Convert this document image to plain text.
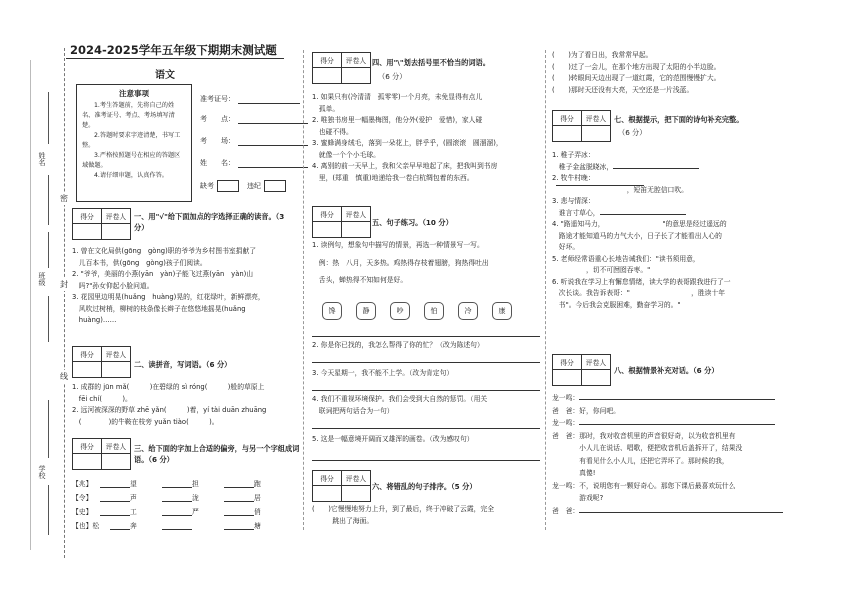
2024-2025学年五年级下期期末测试题
语文
密
封
线
姓名
班级
学校
注意事项
1.考生答题前，先将自己的姓名、准考证号、考点、考场填写清楚。
2.答题时要求字迹清楚，书写工整。
3.严格按照题号在相应的答题区域做题。
4.请仔细审题，认真作答。
准考证号：
考　　点：
考　　场：
姓　　名：
缺考	违纪
得分	评卷人
	一、用"√"给下面加点的字选择正确的读音。（3 分）
1. 曾在文化局供(gōng　gòng)职的爷爷为乡村图书室捐献了
　儿百本书，供(gōng　gòng)孩子们阅读。
2. "爷爷，美丽的小燕(yān　yàn)子能飞过燕(yān　yàn)山
　吗?"孙女仰起小脸问道。
3. 花园里边明晃(huǎng　huàng)晃的，红花绿叶，新鲜漂亮，
　风吹过树梢，柳树的枝条像长辫子在悠悠地摇晃(huǎng
　huàng)……
得分	评卷人

二、读拼音，写词语。（6 分）
1. 成群的 jūn mǎ(　　　)在碧绿的 sì róng(　　　)般的草原上
　fēi chí(　　　)。
2. 远河被深深的野草 zhē yǎn(　　　)着，yí tài duān zhuāng
　(　　　　)的牛鞍在枝旁 yuǎn tiào(　　　)。
得分	评卷人
	三、给下面的字加上合适的偏旁，与另一个字组成词语。（6 分）
【兆】	望	担	跑
【令】	声	泷	居
【史】	工	严	俏
【也】松	奔	塘
得分	评卷人
	四、用"\"划去括号里不恰当的词语。
（6 分）
1. 如果只有(冷清清　孤零零)一个月亮，未免显得有点儿
　孤单。
2. 唯独书房里一幅墨梅图，他分外(爱护　爱惜)，家人碰
　也碰不得。
3. 蜜蜂满身绒毛，落到一朵花上，胖乎乎，(圆滚滚　圆溜溜)，
　就像一个个小毛球。
4. 离别的前一天早上，我和父亲早早地起了床，把我叫到书房
　里，(郑重　慎重)地递给我一卷白杭绸包着的东西。
得分	评卷人

五、句子练习。（10 分）
1. 读例句，想象句中描写的情景，再选一种情景写一写。
　例：热　八月，天多热。鸡热得存枝着翅膀，狗热得吐出
　舌头，蝉热得不知如何是好。
馋	静	吵	怕	冷	康
2. 你是你已找的，我怎么帮得了你的忙？（改为陈述句）
3. 今天星期一，我不能不上学。（改为肯定句）
4. 我们不重视环境保护。我们会受到大自然的惩罚。（用关
　联词把两句话合为一句）
5. 这是一幅意境开阔而又雄浑的画卷。（改为感叹句）
得分	评卷人

六、将错乱的句子排序。（5 分）
(　　)它慢慢地努力上升，到了最后，终于冲破了云霞，完全
　　　跳出了海面。
(　　)为了看日出，我常常早起。
(　　)过了一会儿，在那个地方出现了太阳的小半边脸。
(　　)转眼间天边出现了一道红霞，它的范围慢慢扩大。
(　　)那时天还没有大亮，天空还是一片浅蓝。
得分	评卷人
	七、根据提示，把下面的诗句补充完整。
（6 分）
1. 稚子弄冰：
　稚子金盆脱晓冰，
2. 牧牛村晚：
　　　　　　　　　　　，短笛无腔信口吹。
3. 悲与情深：
　谁言寸草心，
4. "路遥知马力，　　　　　　　　　"的意思是经过遥远的
　路途才能知道马的力气大小，日子长了才能看出人心的
　好坏。
5. 老师经常语重心长地告诫我们："读书须用意，
　　　　　，切不可囫囵吞枣。"
6. 听说我在学习上有懈怠情绪，读大学的表哥跟我进行了一
　次长谈。我告诉表哥："　　　　　　　　　，胜读十年
　书"。今后我会克服困难，勤奋学习的。"
得分	评卷人

八、根据情景补充对话。（6 分）
龙一鸣：
爸　爸：好，你问吧。
龙一鸣：
爸　爸：那时，我对收音机里的声音很好奇，以为收音机里有
　　　　小人儿在说话、唱歌，便把收音机后盖拆开了，结果没
　　　　有看见什么小人儿，还把它弄坏了。那时候的我，
　　　　真傻!
龙一鸣：不，说明您有一颗好奇心。那您下课后最喜欢玩什么
　　　　游戏呢?
爸　爸：
